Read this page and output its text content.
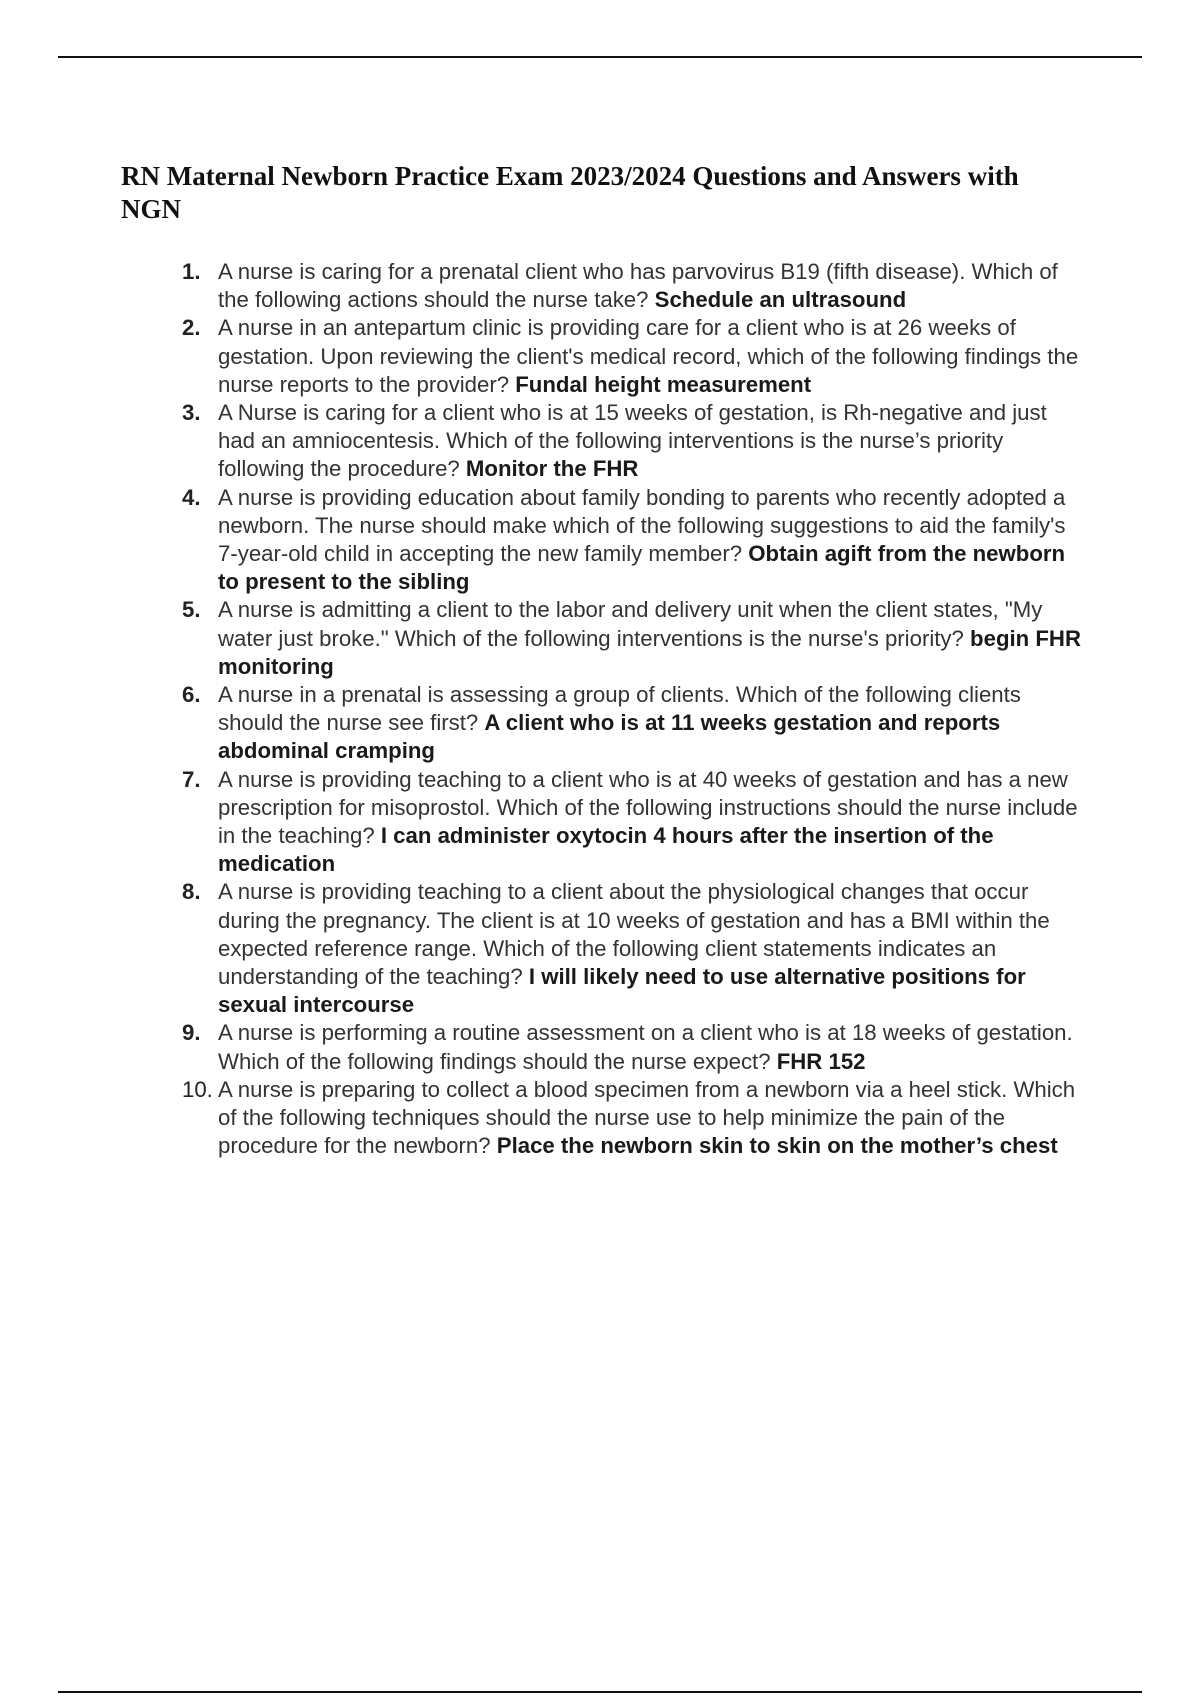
RN Maternal Newborn Practice Exam 2023/2024 Questions and Answers with NGN
1. A nurse is caring for a prenatal client who has parvovirus B19 (fifth disease). Which of the following actions should the nurse take? Schedule an ultrasound
2. A nurse in an antepartum clinic is providing care for a client who is at 26 weeks of gestation. Upon reviewing the client's medical record, which of the following findings the nurse reports to the provider? Fundal height measurement
3. A Nurse is caring for a client who is at 15 weeks of gestation, is Rh-negative and just had an amniocentesis. Which of the following interventions is the nurse’s priority following the procedure? Monitor the FHR
4. A nurse is providing education about family bonding to parents who recently adopted a newborn. The nurse should make which of the following suggestions to aid the family's 7-year-old child in accepting the new family member? Obtain agift from the newborn to present to the sibling
5. A nurse is admitting a client to the labor and delivery unit when the client states, "My water just broke." Which of the following interventions is the nurse's priority? begin FHR monitoring
6. A nurse in a prenatal is assessing a group of clients. Which of the following clients should the nurse see first? A client who is at 11 weeks gestation and reports abdominal cramping
7. A nurse is providing teaching to a client who is at 40 weeks of gestation and has a new prescription for misoprostol. Which of the following instructions should the nurse include in the teaching? I can administer oxytocin 4 hours after the insertion of the medication
8. A nurse is providing teaching to a client about the physiological changes that occur during the pregnancy. The client is at 10 weeks of gestation and has a BMI within the expected reference range. Which of the following client statements indicates an understanding of the teaching? I will likely need to use alternative positions for sexual intercourse
9. A nurse is performing a routine assessment on a client who is at 18 weeks of gestation. Which of the following findings should the nurse expect? FHR 152
10. A nurse is preparing to collect a blood specimen from a newborn via a heel stick. Which of the following techniques should the nurse use to help minimize the pain of the procedure for the newborn? Place the newborn skin to skin on the mother’s chest
